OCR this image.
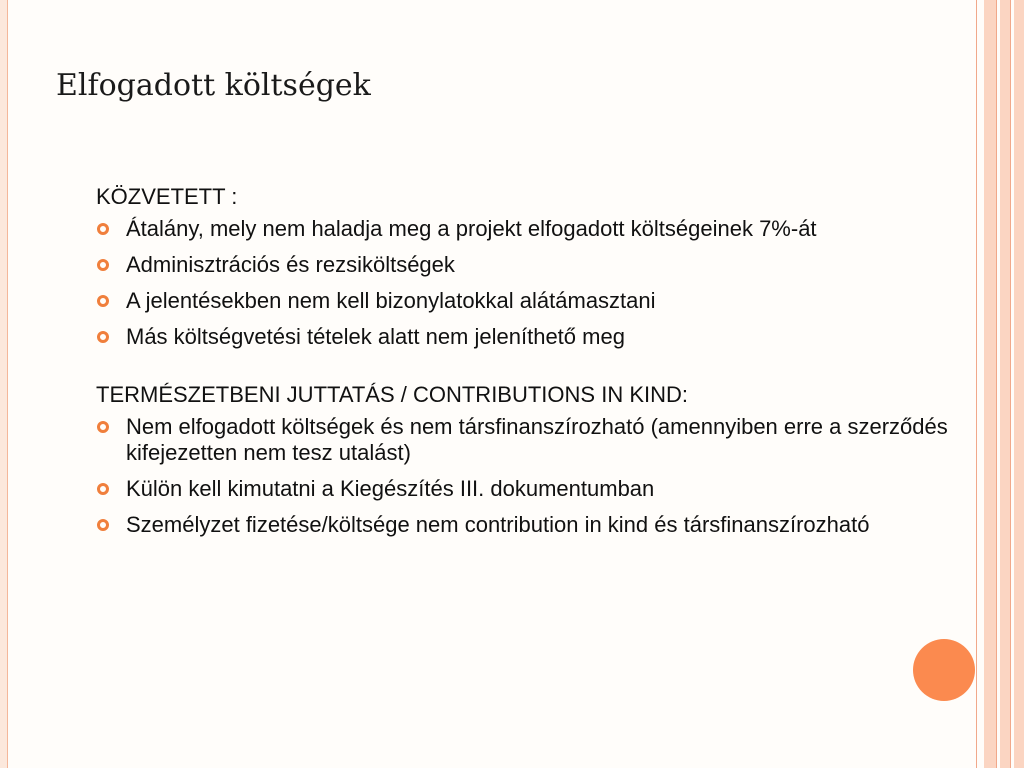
Elfogadott költségek

KÖZVETETT :

Átalány, mely nem haladja meg a projekt elfogadott költségeinek 7%-át
Adminisztrációs és rezsiköltségek
A jelentésekben nem kell bizonylatokkal alátámasztani
Más költségvetési tételek alatt nem jeleníthető meg

TERMÉSZETBENI JUTTATÁS / CONTRIBUTIONS IN KIND:

Nem elfogadott költségek és nem társfinanszírozható (amennyiben erre a szerződés kifejezetten nem tesz utalást)
Külön kell kimutatni a Kiegészítés III. dokumentumban
Személyzet fizetése/költsége nem contribution in kind és társfinanszírozható
